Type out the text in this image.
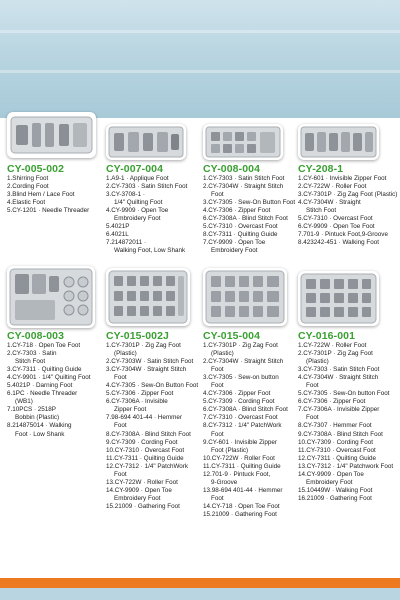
CY-005-002	CY-007-004	CY-008-004	CY-208-1
1.Shirring Foot
2.Cording Foot
3.Blind Hem / Lace Foot
4.Elastic Foot
5.CY-1201 · Needle Threader
1.A9-1 · Applique Foot
2.CY-7303 · Satin Stitch Foot
3.CY-3708-1 ·
1/4" Quilting Foot
4.CY-9909 · Open Toe
Embroidery Foot
5.4021P
6.4021L
7.214872011 ·
Walking Foot, Low Shank
1.CY-7303 · Satin Stitch Foot
2.CY-7304W · Straight Stitch
Foot
3.CY-7305 · Sew-On Button Foot
4.CY-7306 · Zipper Foot
6.CY-7308A · Blind Stitch Foot
5.CY-7310 · Overcast Foot
8.CY-7311 · Quilting Guide
7.CY-9909 · Open Toe
Embroidery Foot
1.CY-601 · Invisible Zipper Foot
2.CY-722W · Roller Foot
3.CY-7301P · Zig Zag Foot (Plastic)
4.CY-7304W · Straight
Stitch Foot
5.CY-7310 · Overcast Foot
6.CY-9909 · Open Toe Foot
7.701-9 · Pintuck Foot,9-Groove
8.423242-451 · Walking Foot
CY-008-003	CY-015-002J	CY-015-004	CY-016-001
1.CY-718 · Open Toe Foot
2.CY-7303 · Satin
Stitch Foot
3.CY-7311 · Quilting Guide
4.CY-9901 · 1/4" Quilting Foot
5.4021P · Darning Foot
6.1PC · Needle Threader
(WB1)
7.10PCS · 2518P
Bobbin (Plastic)
8.214875014 · Walking
Foot · Low Shank
1.CY-7301P · Zig Zag Foot
(Plastic)
2.CY-7303W · Satin Stitch Foot
3.CY-7304W · Straight Stitch
Foot
4.CY-7305 · Sew-On Button Foot
5.CY-7306 · Zipper Foot
6.CY-7306A · Invisible
Zipper Foot
7.98-694 401-44 · Hemmer
Foot
8.CY-7308A · Blind Stitch Foot
9.CY-7309 · Cording Foot
10.CY-7310 · Overcast Foot
11.CY-7311 · Quilting Guide
12.CY-7312 · 1/4" PatchWork
Foot
13.CY-722W · Roller Foot
14.CY-9909 · Open Toe
Embroidery Foot
15.21009 · Gathering Foot
1.CY-7301P · Zig Zag Foot
(Plastic)
2.CY-7304W · Straight Stitch
Foot
3.CY-7305 · Sew-on button
Foot
4.CY-7306 · Zipper Foot
5.CY-7309 · Cording Foot
6.CY-7308A · Blind Stitch Foot
7.CY-7310 · Overcast Foot
8.CY-7312 · 1/4" PatchWork
Foot
9.CY-601 · Invisible Zipper
Foot (Plastic)
10.CY-722W · Roller Foot
11.CY-7311 · Quilting Guide
12.701-9 · Pintuck Foot,
9-Groove
13.98-694 401-44 · Hemmer
Foot
14.CY-718 · Open Toe Foot
15.21009 · Gathering Foot
1.CY-722W · Roller Foot
2.CY-7301P · Zig Zag Foot
(Plastic)
3.CY-7303 · Satin Stitch Foot
4.CY-7304W · Straight Stitch
Foot
5.CY-7305 · Sew-On button Foot
6.CY-7306 · Zipper Foot
7.CY-7306A · Invisible Zipper
Foot
8.CY-7307 · Hemmer Foot
9.CY-7308A · Blind Stitch Foot
10.CY-7309 · Cording Foot
11.CY-7310 · Overcast Foot
12.CY-7311 · Quilting Guide
13.CY-7312 · 1/4" Patchwork Foot
14.CY-9909 · Open Toe
Embroidery Foot
15.10449W · Walking Foot
16.21009 · Gathering Foot
